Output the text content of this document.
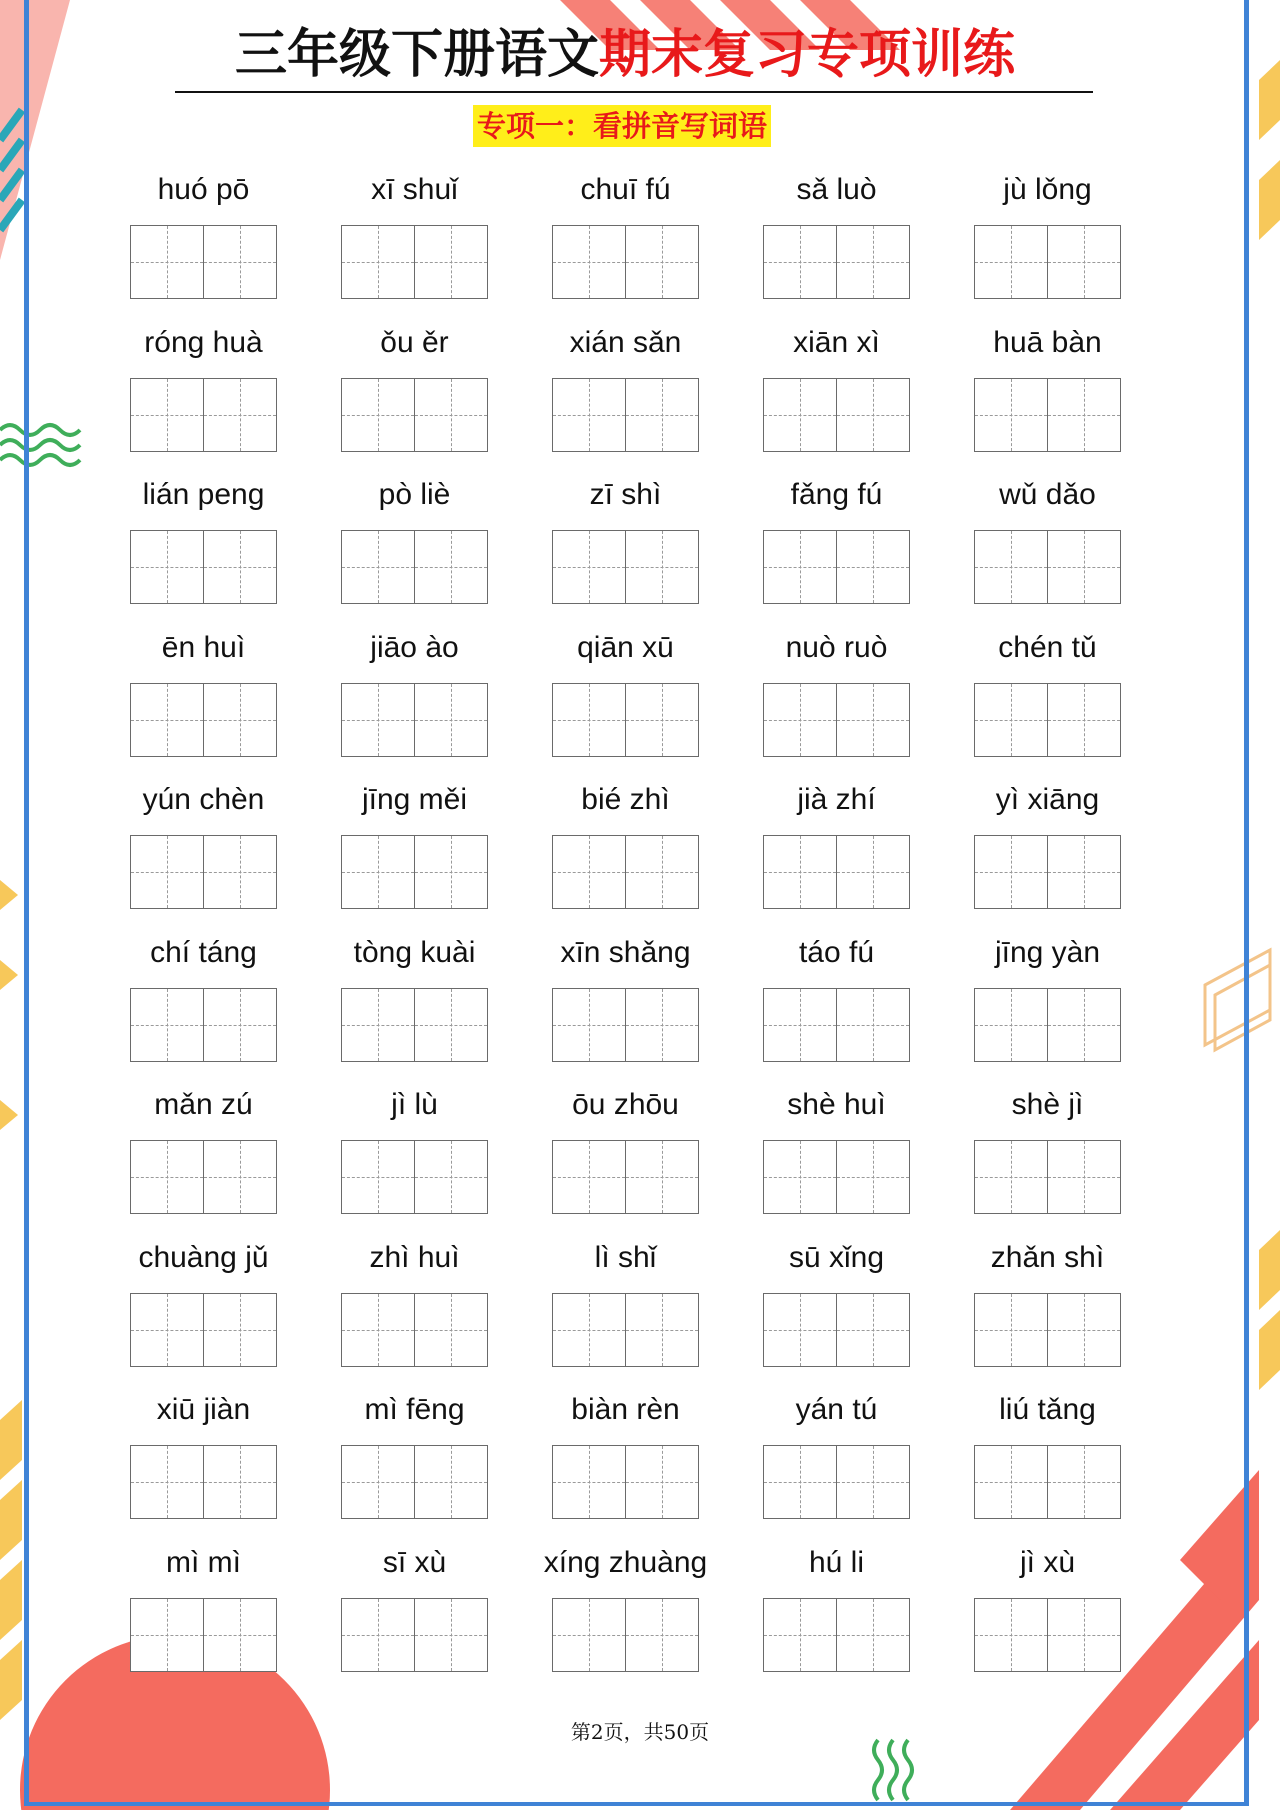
三年级下册语文期末复习专项训练
专项一：看拼音写词语
huó pō	xī shuǐ	chuī fú	sǎ luò	jù lǒng
róng huà	ǒu ěr	xián sǎn	xiān xì	huā bàn
lián peng	pò liè	zī shì	fǎng fú	wǔ dǎo
ēn huì	jiāo ào	qiān xū	nuò ruò	chén tǔ
yún chèn	jīng měi	bié zhì	jià zhí	yì xiāng
chí táng	tòng kuài	xīn shǎng	táo fú	jīng yàn
mǎn zú	jì lù	ōu zhōu	shè huì	shè jì
chuàng jǔ	zhì huì	lì shǐ	sū xǐng	zhǎn shì
xiū jiàn	mì fēng	biàn rèn	yán tú	liú tǎng
mì mì	sī xù	xíng zhuàng	hú li	jì xù
第2页，共50页
